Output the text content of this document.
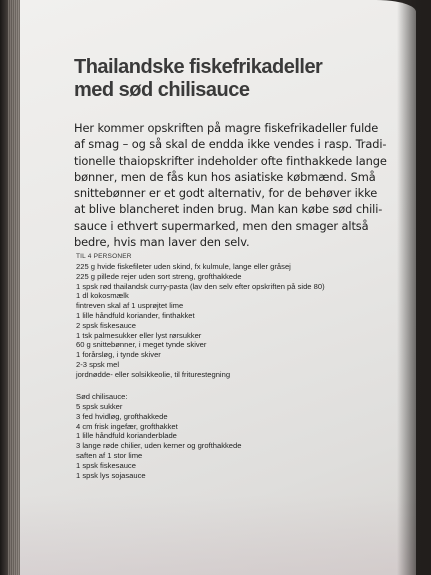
Thailandske fiskefrikadeller
med sød chilisauce
Her kommer opskriften på magre fiskefrikadeller fulde
af smag – og så skal de endda ikke vendes i rasp. Tradi-
tionelle thaiopskrifter indeholder ofte finthakkede lange
bønner, men de fås kun hos asiatiske købmænd. Små
snittebønner er et godt alternativ, for de behøver ikke
at blive blancheret inden brug. Man kan købe sød chili-
sauce i ethvert supermarked, men den smager altså
bedre, hvis man laver den selv.
TIL 4 PERSONER
225 g hvide fiskefileter uden skind, fx kulmule, lange eller gråsej
225 g pillede rejer uden sort streng, grofthakkede
1 spsk rød thailandsk curry-pasta (lav den selv efter opskriften på side 80)
1 dl kokosmælk
fintreven skal af 1 usprøjtet lime
1 lille håndfuld koriander, finthakket
2 spsk fiskesauce
1 tsk palmesukker eller lyst rørsukker
60 g snittebønner, i meget tynde skiver
1 forårsløg, i tynde skiver
2-3 spsk mel
jordnødde- eller solsikkeolie, til friturestegning
Sød chilisauce:
5 spsk sukker
3 fed hvidløg, grofthakkede
4 cm frisk ingefær, grofthakket
1 lille håndfuld korianderblade
3 lange røde chilier, uden kerner og grofthakkede
saften af 1 stor lime
1 spsk fiskesauce
1 spsk lys sojasauce
